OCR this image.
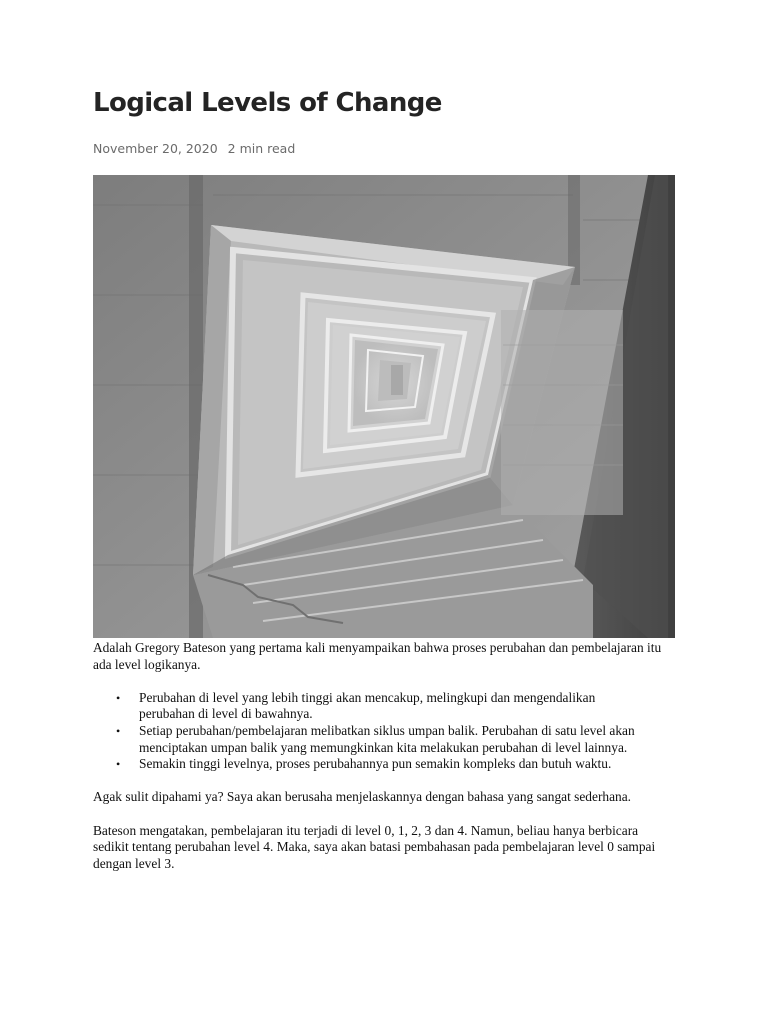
Logical Levels of Change
November 20, 2020 2 min read

Adalah Gregory Bateson yang pertama kali menyampaikan bahwa proses perubahan dan pembelajaran itu ada level logikanya.

• Perubahan di level yang lebih tinggi akan mencakup, melingkupi dan mengendalikan perubahan di level di bawahnya.
• Setiap perubahan/pembelajaran melibatkan siklus umpan balik. Perubahan di satu level akan menciptakan umpan balik yang memungkinkan kita melakukan perubahan di level lainnya.
• Semakin tinggi levelnya, proses perubahannya pun semakin kompleks dan butuh waktu.

Agak sulit dipahami ya? Saya akan berusaha menjelaskannya dengan bahasa yang sangat sederhana.

Bateson mengatakan, pembelajaran itu terjadi di level 0, 1, 2, 3 dan 4. Namun, beliau hanya berbicara sedikit tentang perubahan level 4. Maka, saya akan batasi pembahasan pada pembelajaran level 0 sampai dengan level 3.
